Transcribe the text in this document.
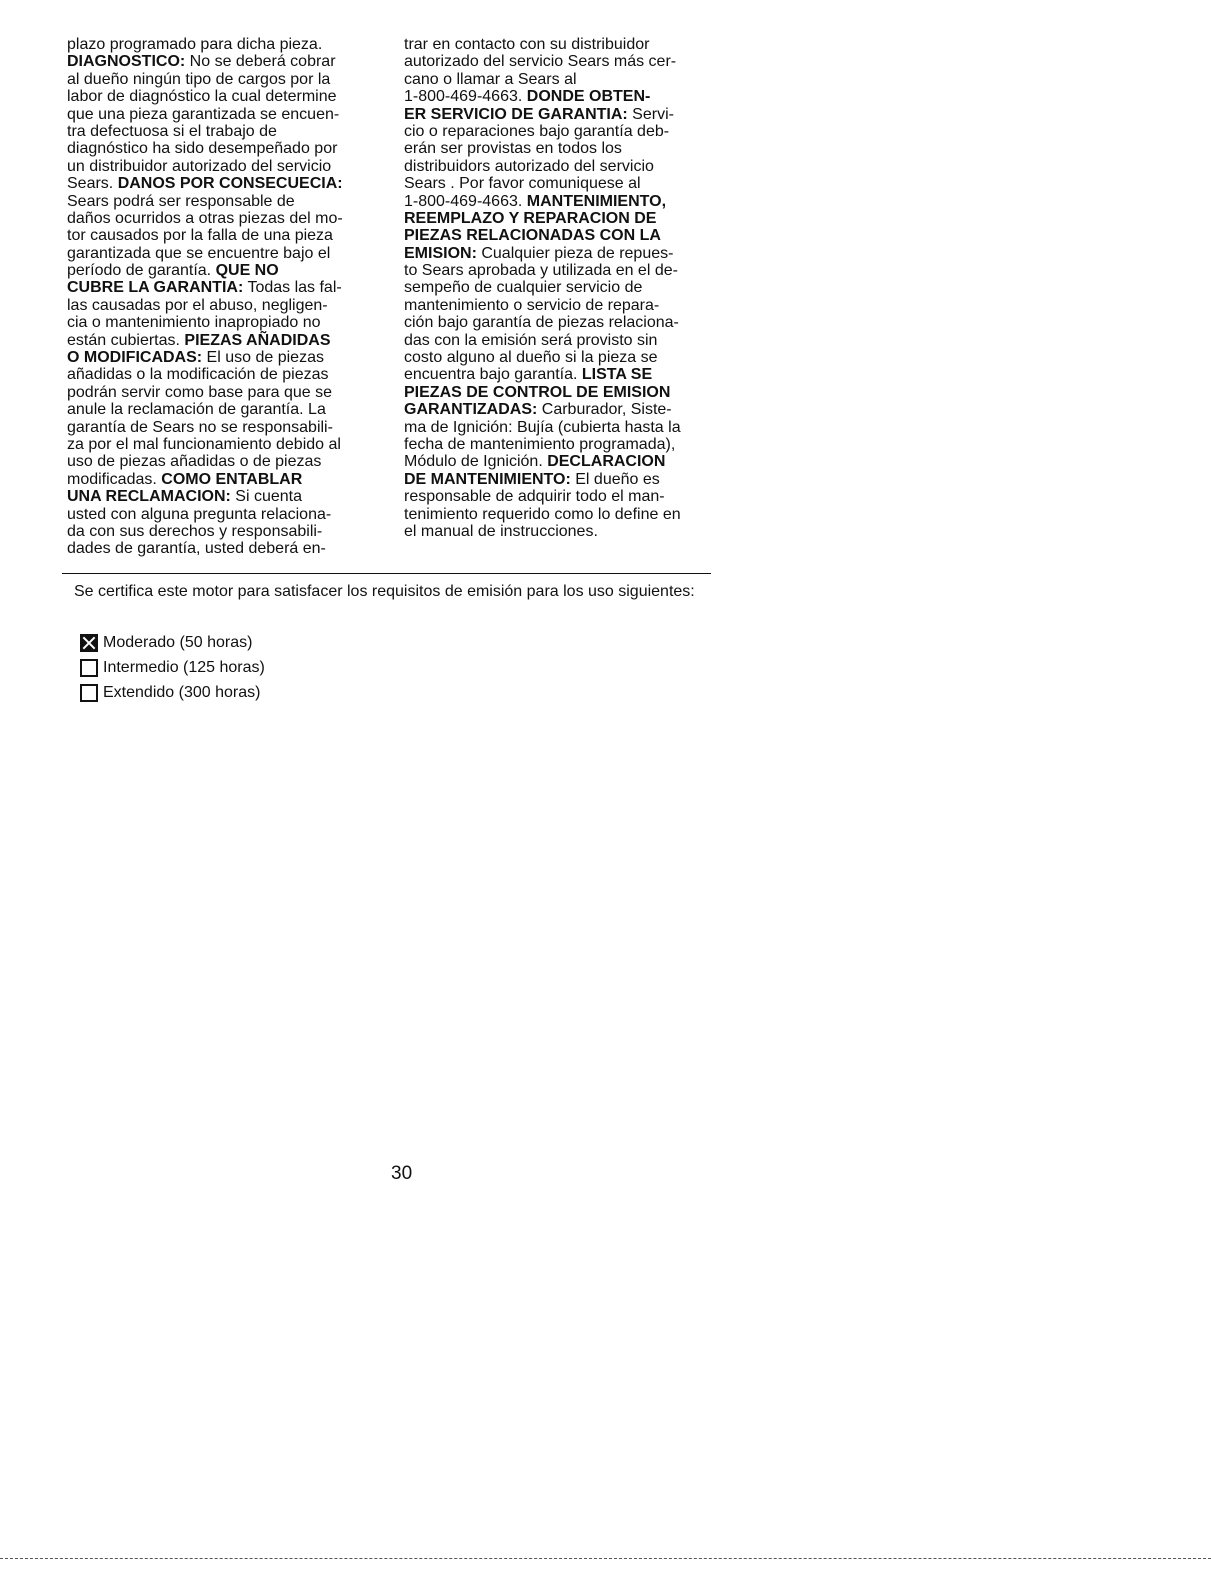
plazo programado para dicha pieza.
DIAGNOSTICO: No se deberá cobrar
al dueño ningún tipo de cargos por la
labor de diagnóstico la cual determine
que una pieza garantizada se encuen-
tra defectuosa si el trabajo de
diagnóstico ha sido desempeñado por
un distribuidor autorizado del servicio
Sears. DANOS POR CONSECUECIA:
Sears podrá ser responsable de
daños ocurridos a otras piezas del mo-
tor causados por la falla de una pieza
garantizada que se encuentre bajo el
período de garantía. QUE NO
CUBRE LA GARANTIA: Todas las fal-
las causadas por el abuso, negligen-
cia o mantenimiento inapropiado no
están cubiertas. PIEZAS AÑADIDAS
O MODIFICADAS: El uso de piezas
añadidas o la modificación de piezas
podrán servir como base para que se
anule la reclamación de garantía. La
garantía de Sears no se responsabili-
za por el mal funcionamiento debido al
uso de piezas añadidas o de piezas
modificadas. COMO ENTABLAR
UNA RECLAMACION: Si cuenta
usted con alguna pregunta relaciona-
da con sus derechos y responsabili-
dades de garantía, usted deberá en-
trar en contacto con su distribuidor
autorizado del servicio Sears más cer-
cano o llamar a Sears al
1-800-469-4663. DONDE OBTEN-
ER SERVICIO DE GARANTIA: Servi-
cio o reparaciones bajo garantía deb-
erán ser provistas en todos los
distribuidors autorizado del servicio
Sears . Por favor comuniquese al
1-800-469-4663. MANTENIMIENTO,
REEMPLAZO Y REPARACION DE
PIEZAS RELACIONADAS CON LA
EMISION: Cualquier pieza de repues-
to Sears aprobada y utilizada en el de-
sempeño de cualquier servicio de
mantenimiento o servicio de repara-
ción bajo garantía de piezas relaciona-
das con la emisión será provisto sin
costo alguno al dueño si la pieza se
encuentra bajo garantía. LISTA SE
PIEZAS DE CONTROL DE EMISION
GARANTIZADAS: Carburador, Siste-
ma de Ignición: Bujía (cubierta hasta la
fecha de mantenimiento programada),
Módulo de Ignición. DECLARACION
DE MANTENIMIENTO: El dueño es
responsable de adquirir todo el man-
tenimiento requerido como lo define en
el manual de instrucciones.
Se certifica este motor para satisfacer los requisitos de emisión para los uso siguientes:
Moderado (50 horas)
Intermedio (125 horas)
Extendido (300 horas)
30
